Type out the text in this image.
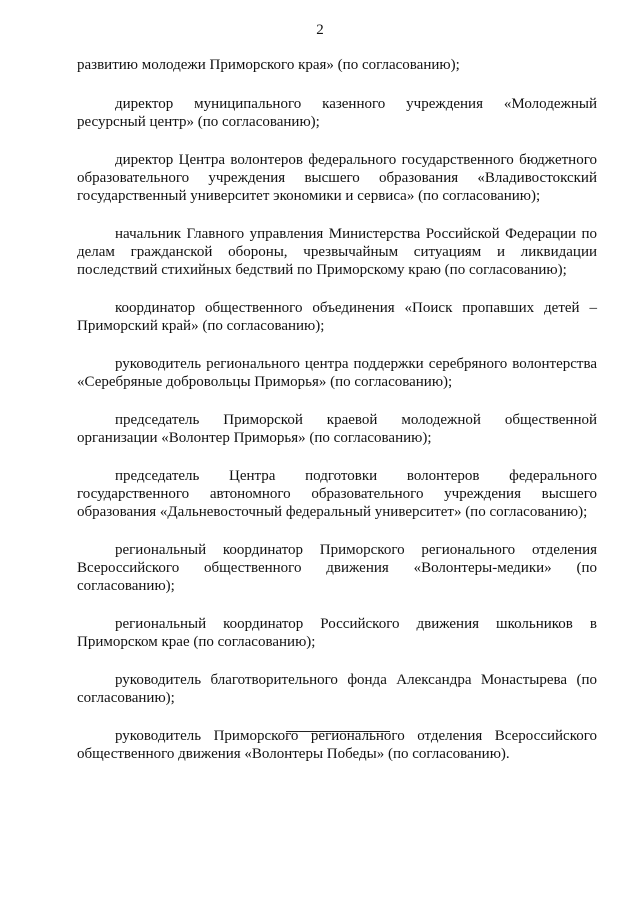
2

развитию молодежи Приморского края» (по согласованию);

директор муниципального казенного учреждения «Молодежный ресурсный центр» (по согласованию);

директор Центра волонтеров федерального государственного бюджетного образовательного учреждения высшего образования «Владивостокский государственный университет экономики и сервиса» (по согласованию);

начальник Главного управления Министерства Российской Федерации по делам гражданской обороны, чрезвычайным ситуациям и ликвидации последствий стихийных бедствий по Приморскому краю (по согласованию);

координатор общественного объединения «Поиск пропавших детей – Приморский край» (по согласованию);

руководитель регионального центра поддержки серебряного волонтерства «Серебряные добровольцы Приморья» (по согласованию);

председатель Приморской краевой молодежной общественной организации «Волонтер Приморья» (по согласованию);

председатель Центра подготовки волонтеров федерального государственного автономного образовательного учреждения высшего образования «Дальневосточный федеральный университет» (по согласованию);

региональный координатор Приморского регионального отделения Всероссийского общественного движения «Волонтеры-медики» (по согласованию);

региональный координатор Российского движения школьников в Приморском крае (по согласованию);

руководитель благотворительного фонда Александра Монастырева (по согласованию);

руководитель Приморского регионального отделения Всероссийского общественного движения «Волонтеры Победы» (по согласованию).
